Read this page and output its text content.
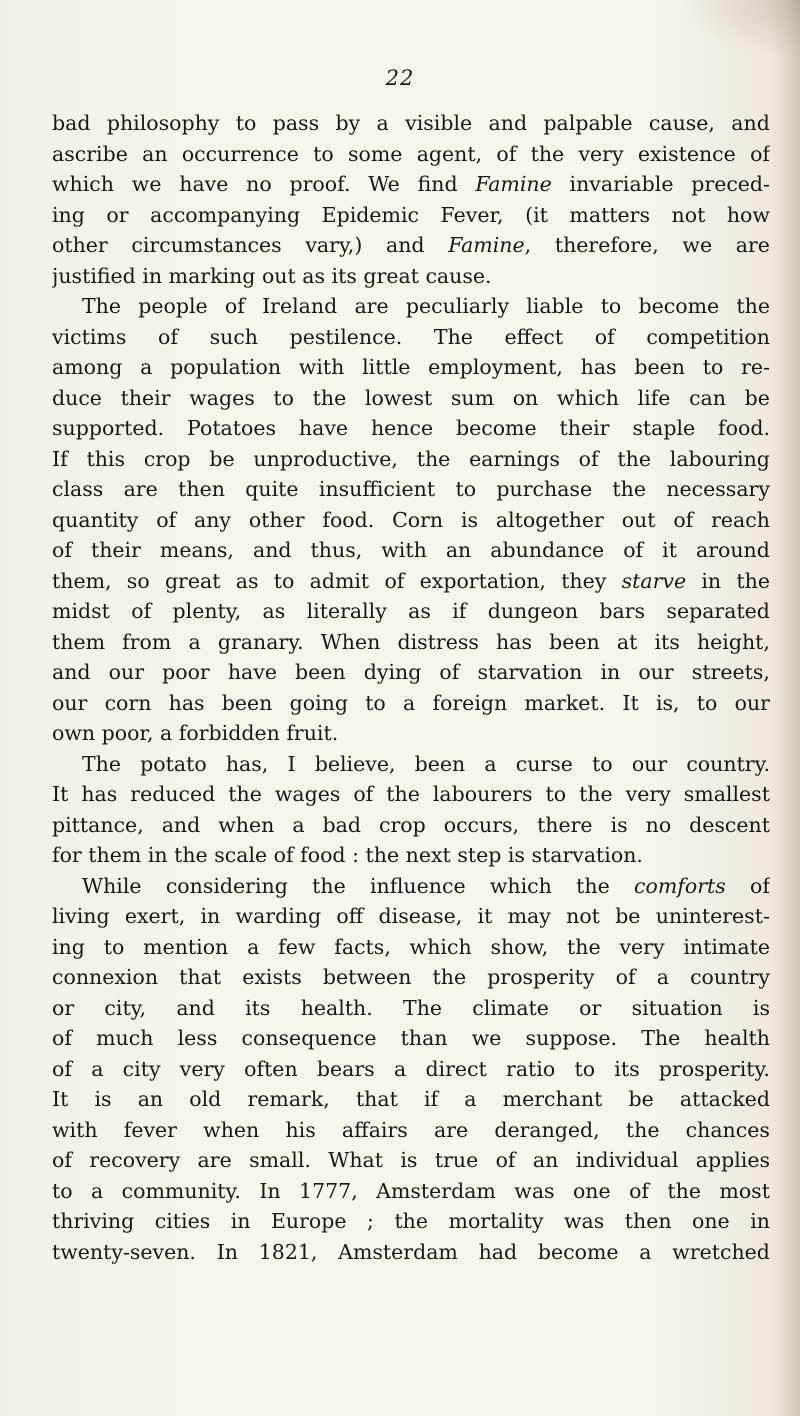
22
bad philosophy to pass by a visible and palpable cause, and
ascribe an occurrence to some agent, of the very existence of
which we have no proof. We find Famine invariable preced-
ing or accompanying Epidemic Fever, (it matters not how
other circumstances vary,) and Famine, therefore, we are
justified in marking out as its great cause.
The people of Ireland are peculiarly liable to become the
victims of such pestilence. The effect of competition
among a population with little employment, has been to re-
duce their wages to the lowest sum on which life can be
supported. Potatoes have hence become their staple food.
If this crop be unproductive, the earnings of the labouring
class are then quite insufficient to purchase the necessary
quantity of any other food. Corn is altogether out of reach
of their means, and thus, with an abundance of it around
them, so great as to admit of exportation, they starve in the
midst of plenty, as literally as if dungeon bars separated
them from a granary. When distress has been at its height,
and our poor have been dying of starvation in our streets,
our corn has been going to a foreign market. It is, to our
own poor, a forbidden fruit.
The potato has, I believe, been a curse to our country.
It has reduced the wages of the labourers to the very smallest
pittance, and when a bad crop occurs, there is no descent
for them in the scale of food : the next step is starvation.
While considering the influence which the comforts of
living exert, in warding off disease, it may not be uninterest-
ing to mention a few facts, which show, the very intimate
connexion that exists between the prosperity of a country
or city, and its health. The climate or situation is
of much less consequence than we suppose. The health
of a city very often bears a direct ratio to its prosperity.
It is an old remark, that if a merchant be attacked
with fever when his affairs are deranged, the chances
of recovery are small. What is true of an individual applies
to a community. In 1777, Amsterdam was one of the most
thriving cities in Europe ; the mortality was then one in
twenty-seven. In 1821, Amsterdam had become a wretched
